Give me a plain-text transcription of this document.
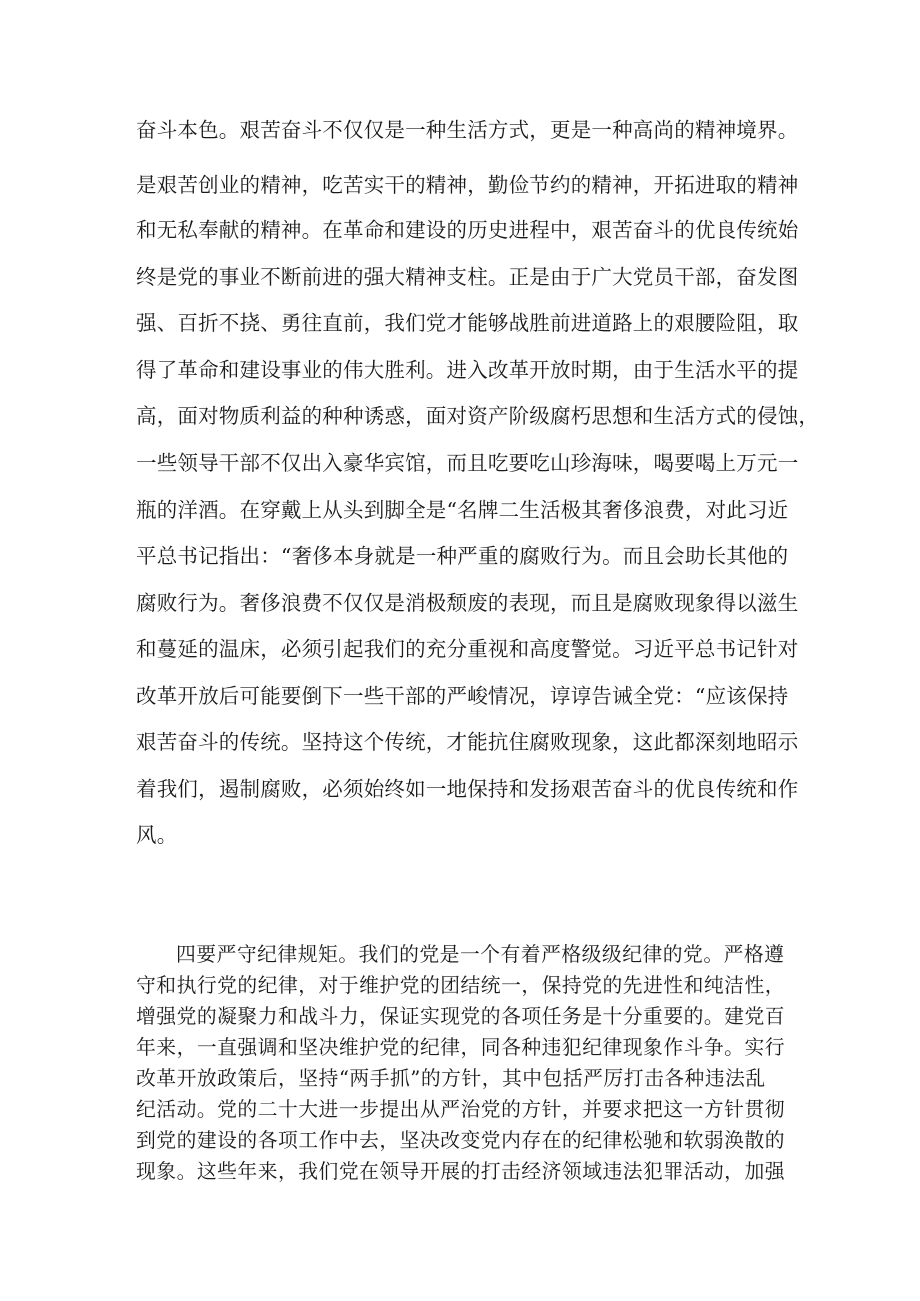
奋斗本色。艰苦奋斗不仅仅是一种生活方式，更是一种高尚的精神境界。
是艰苦创业的精神，吃苦实干的精神，勤俭节约的精神，开拓进取的精神
和无私奉献的精神。在革命和建设的历史进程中，艰苦奋斗的优良传统始
终是党的事业不断前进的强大精神支柱。正是由于广大党员干部，奋发图
强、百折不挠、勇往直前，我们党才能够战胜前进道路上的艰腰险阻，取
得了革命和建设事业的伟大胜利。进入改革开放时期，由于生活水平的提
高，面对物质利益的种种诱惑，面对资产阶级腐朽思想和生活方式的侵蚀，
一些领导干部不仅出入豪华宾馆，而且吃要吃山珍海味，喝要喝上万元一
瓶的洋酒。在穿戴上从头到脚全是“名牌二生活极其奢侈浪费，对此习近
平总书记指出：“奢侈本身就是一种严重的腐败行为。而且会助长其他的
腐败行为。奢侈浪费不仅仅是消极颓废的表现，而且是腐败现象得以滋生
和蔓延的温床，必须引起我们的充分重视和高度警觉。习近平总书记针对
改革开放后可能要倒下一些干部的严峻情况，谆谆告诫全党：“应该保持
艰苦奋斗的传统。坚持这个传统，才能抗住腐败现象，这此都深刻地昭示
着我们，遏制腐败，必须始终如一地保持和发扬艰苦奋斗的优良传统和作
风。
四要严守纪律规矩。我们的党是一个有着严格级级纪律的党。严格遵
守和执行党的纪律，对于维护党的团结统一，保持党的先进性和纯洁性，
增强党的凝聚力和战斗力，保证实现党的各项任务是十分重要的。建党百
年来，一直强调和坚决维护党的纪律，同各种违犯纪律现象作斗争。实行
改革开放政策后，坚持“两手抓”的方针，其中包括严厉打击各种违法乱
纪活动。党的二十大进一步提出从严治党的方针，并要求把这一方针贯彻
到党的建设的各项工作中去，坚决改变党内存在的纪律松驰和软弱涣散的
现象。这些年来，我们党在领导开展的打击经济领域违法犯罪活动，加强
